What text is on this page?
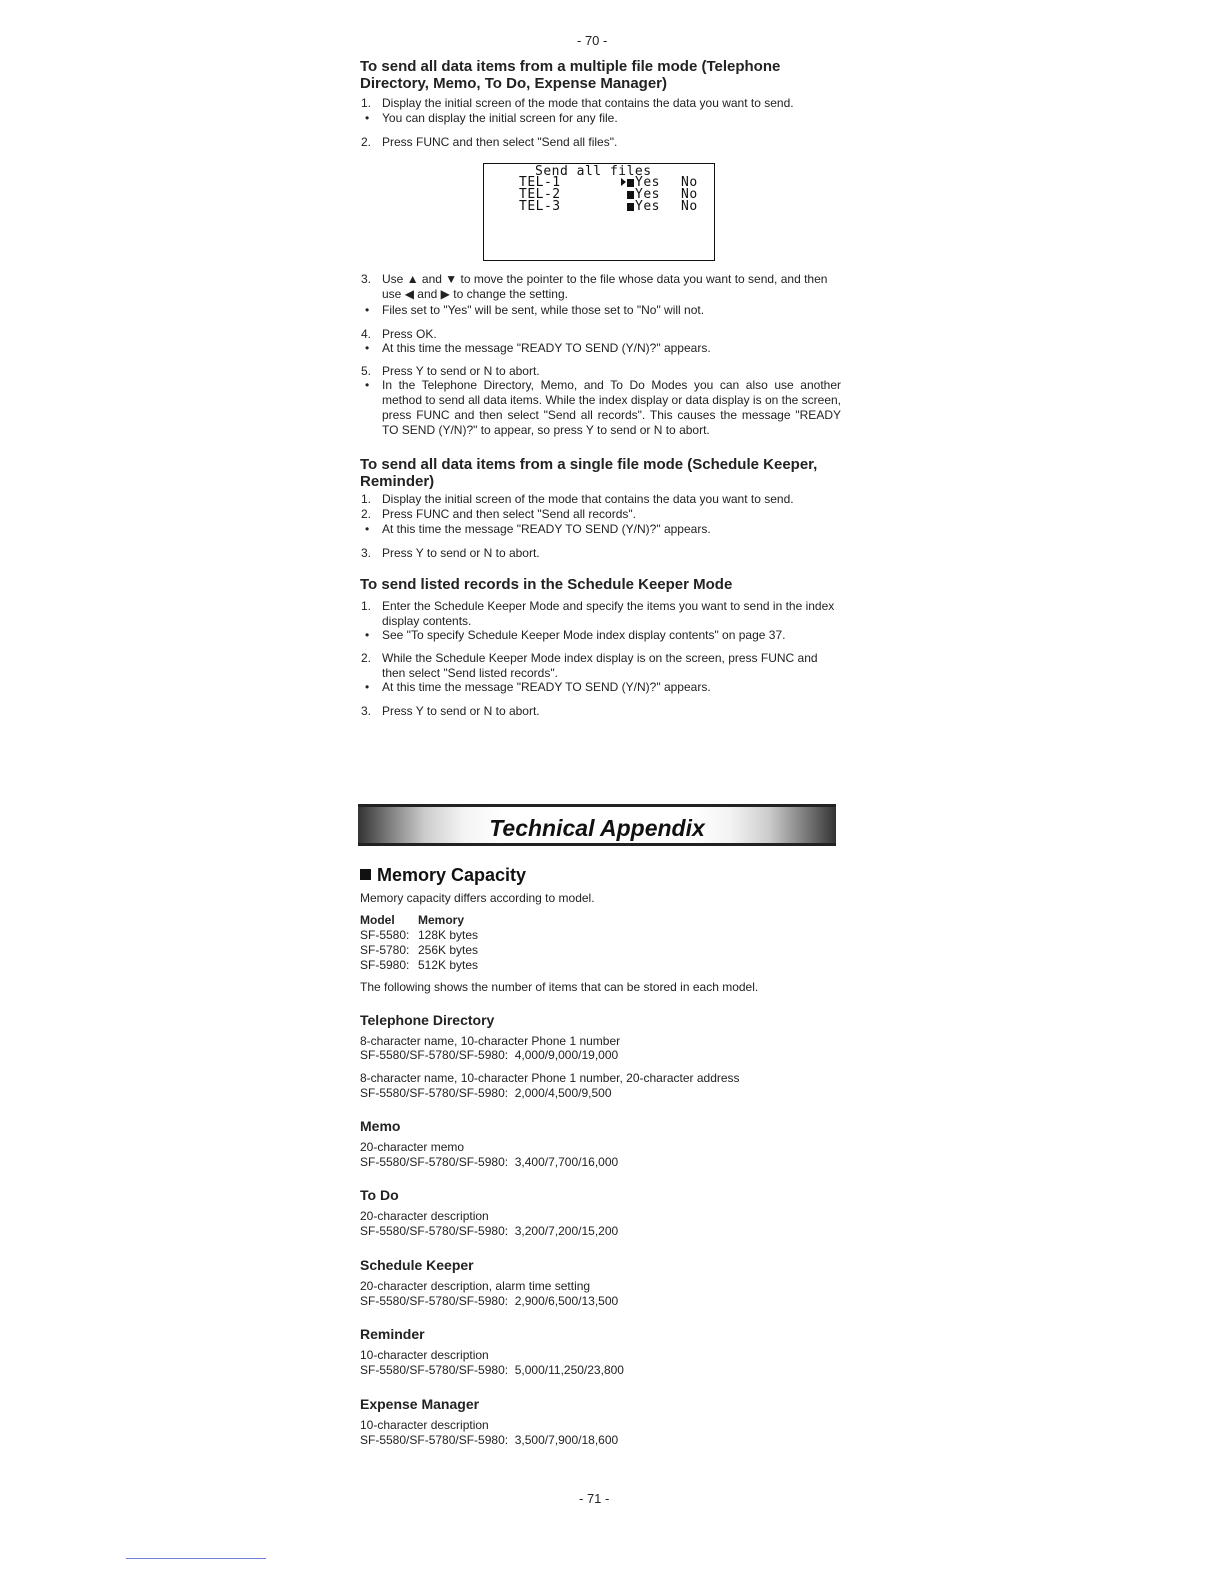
- 70 -
To send all data items from a multiple file mode (Telephone Directory, Memo, To Do, Expense Manager)
1. Display the initial screen of the mode that contains the data you want to send.
• You can display the initial screen for any file.
2. Press FUNC and then select "Send all files".
Send all files
TEL-1	Yes No
TEL-2	Yes No
TEL-3	Yes No
3. Use ▲ and ▼ to move the pointer to the file whose data you want to send, and then use ◀ and ▶ to change the setting.
• Files set to "Yes" will be sent, while those set to "No" will not.
4. Press OK.
• At this time the message "READY TO SEND (Y/N)?" appears.
5. Press Y to send or N to abort.
• In the Telephone Directory, Memo, and To Do Modes you can also use another method to send all data items. While the index display or data display is on the screen, press FUNC and then select "Send all records". This causes the message "READY TO SEND (Y/N)?" to appear, so press Y to send or N to abort.
To send all data items from a single file mode (Schedule Keeper, Reminder)
1. Display the initial screen of the mode that contains the data you want to send.
2. Press FUNC and then select "Send all records".
• At this time the message "READY TO SEND (Y/N)?" appears.
3. Press Y to send or N to abort.
To send listed records in the Schedule Keeper Mode
1. Enter the Schedule Keeper Mode and specify the items you want to send in the index display contents.
• See "To specify Schedule Keeper Mode index display contents" on page 37.
2. While the Schedule Keeper Mode index display is on the screen, press FUNC and then select "Send listed records".
• At this time the message "READY TO SEND (Y/N)?" appears.
3. Press Y to send or N to abort.
Technical Appendix
Memory Capacity
Memory capacity differs according to model.
Model Memory
SF-5580: 128K bytes
SF-5780: 256K bytes
SF-5980: 512K bytes
The following shows the number of items that can be stored in each model.
Telephone Directory
8-character name, 10-character Phone 1 number
SF-5580/SF-5780/SF-5980:  4,000/9,000/19,000
8-character name, 10-character Phone 1 number, 20-character address
SF-5580/SF-5780/SF-5980:  2,000/4,500/9,500
Memo
20-character memo
SF-5580/SF-5780/SF-5980:  3,400/7,700/16,000
To Do
20-character description
SF-5580/SF-5780/SF-5980:  3,200/7,200/15,200
Schedule Keeper
20-character description, alarm time setting
SF-5580/SF-5780/SF-5980:  2,900/6,500/13,500
Reminder
10-character description
SF-5580/SF-5780/SF-5980:  5,000/11,250/23,800
Expense Manager
10-character description
SF-5580/SF-5780/SF-5980:  3,500/7,900/18,600
- 71 -
